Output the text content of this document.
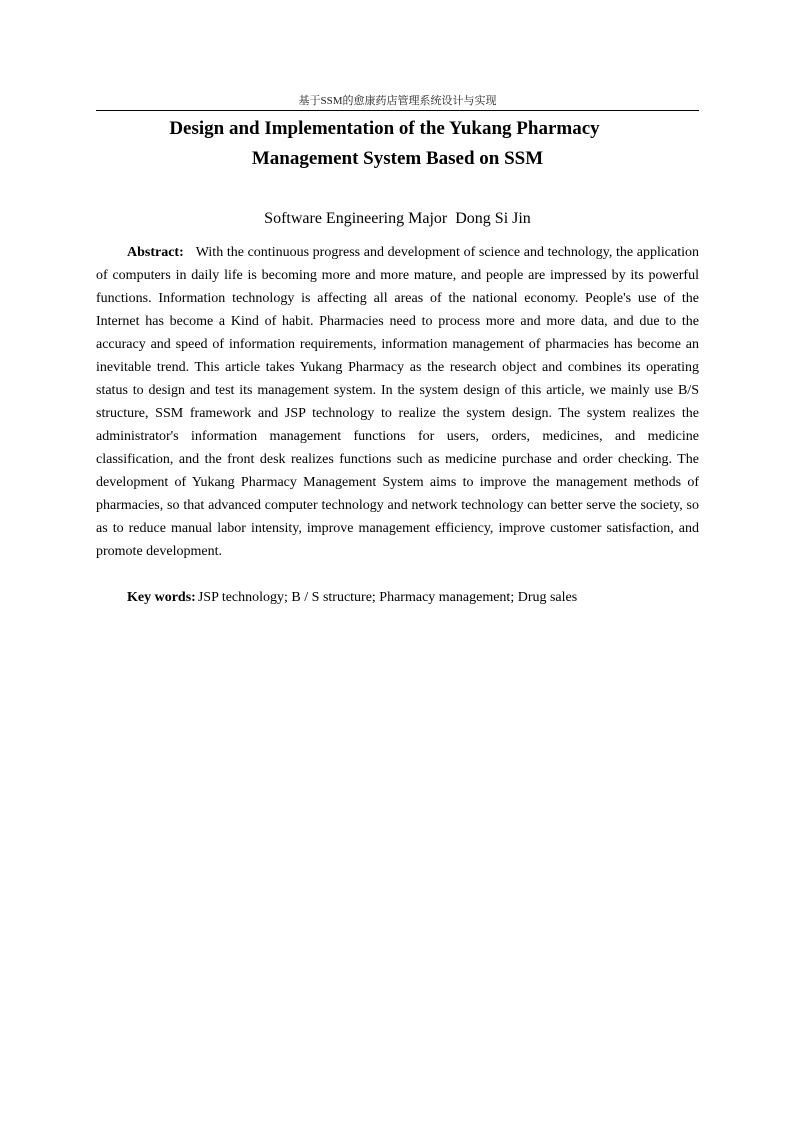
基于SSM的愈康药店管理系统设计与实现
Design and Implementation of the Yukang Pharmacy
Management System Based on SSM
Software Engineering Major Dong Si Jin

Abstract: With the continuous progress and development of science and technology, the application of computers in daily life is becoming more and more mature, and people are impressed by its powerful functions. Information technology is affecting all areas of the national economy. People's use of the Internet has become a Kind of habit. Pharmacies need to process more and more data, and due to the accuracy and speed of information requirements, information management of pharmacies has become an inevitable trend. This article takes Yukang Pharmacy as the research object and combines its operating status to design and test its management system. In the system design of this article, we mainly use B/S structure, SSM framework and JSP technology to realize the system design. The system realizes the administrator's information management functions for users, orders, medicines, and medicine classification, and the front desk realizes functions such as medicine purchase and order checking. The development of Yukang Pharmacy Management System aims to improve the management methods of pharmacies, so that advanced computer technology and network technology can better serve the society, so as to reduce manual labor intensity, improve management efficiency, improve customer satisfaction, and promote development.

Key words: JSP technology; B / S structure; Pharmacy management; Drug sales
